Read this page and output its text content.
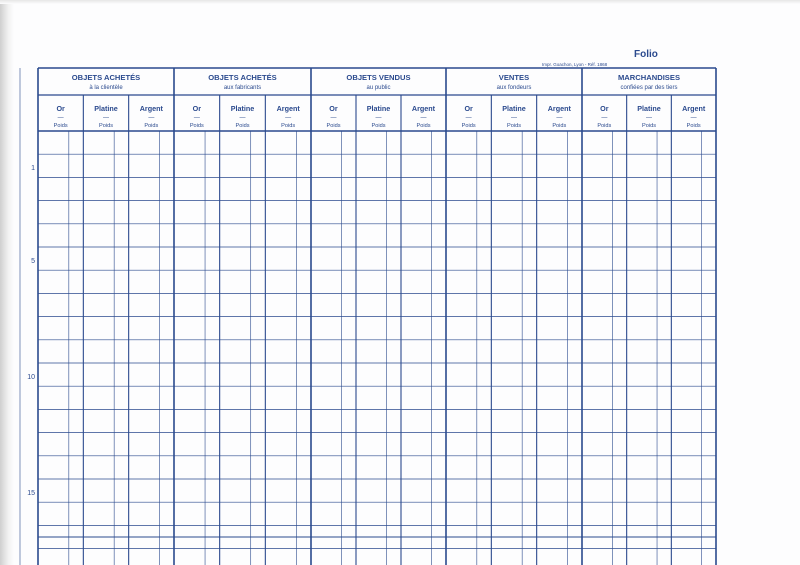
Folio
Impr. Goachon, Lyon - Réf. 1868
Or
—
Poids
Platine
—
Poids
Argent
—
Poids
OBJETS ACHETÉS
à la clientèle
Or
—
Poids
Platine
—
Poids
Argent
—
Poids
OBJETS ACHETÉS
aux fabricants
Or
—
Poids
Platine
—
Poids
Argent
—
Poids
OBJETS VENDUS
au public
Or
—
Poids
Platine
—
Poids
Argent
—
Poids
VENTES
aux fondeurs
Or
—
Poids
Platine
—
Poids
Argent
—
Poids
MARCHANDISES
confiées par des tiers
1
5
10
15
